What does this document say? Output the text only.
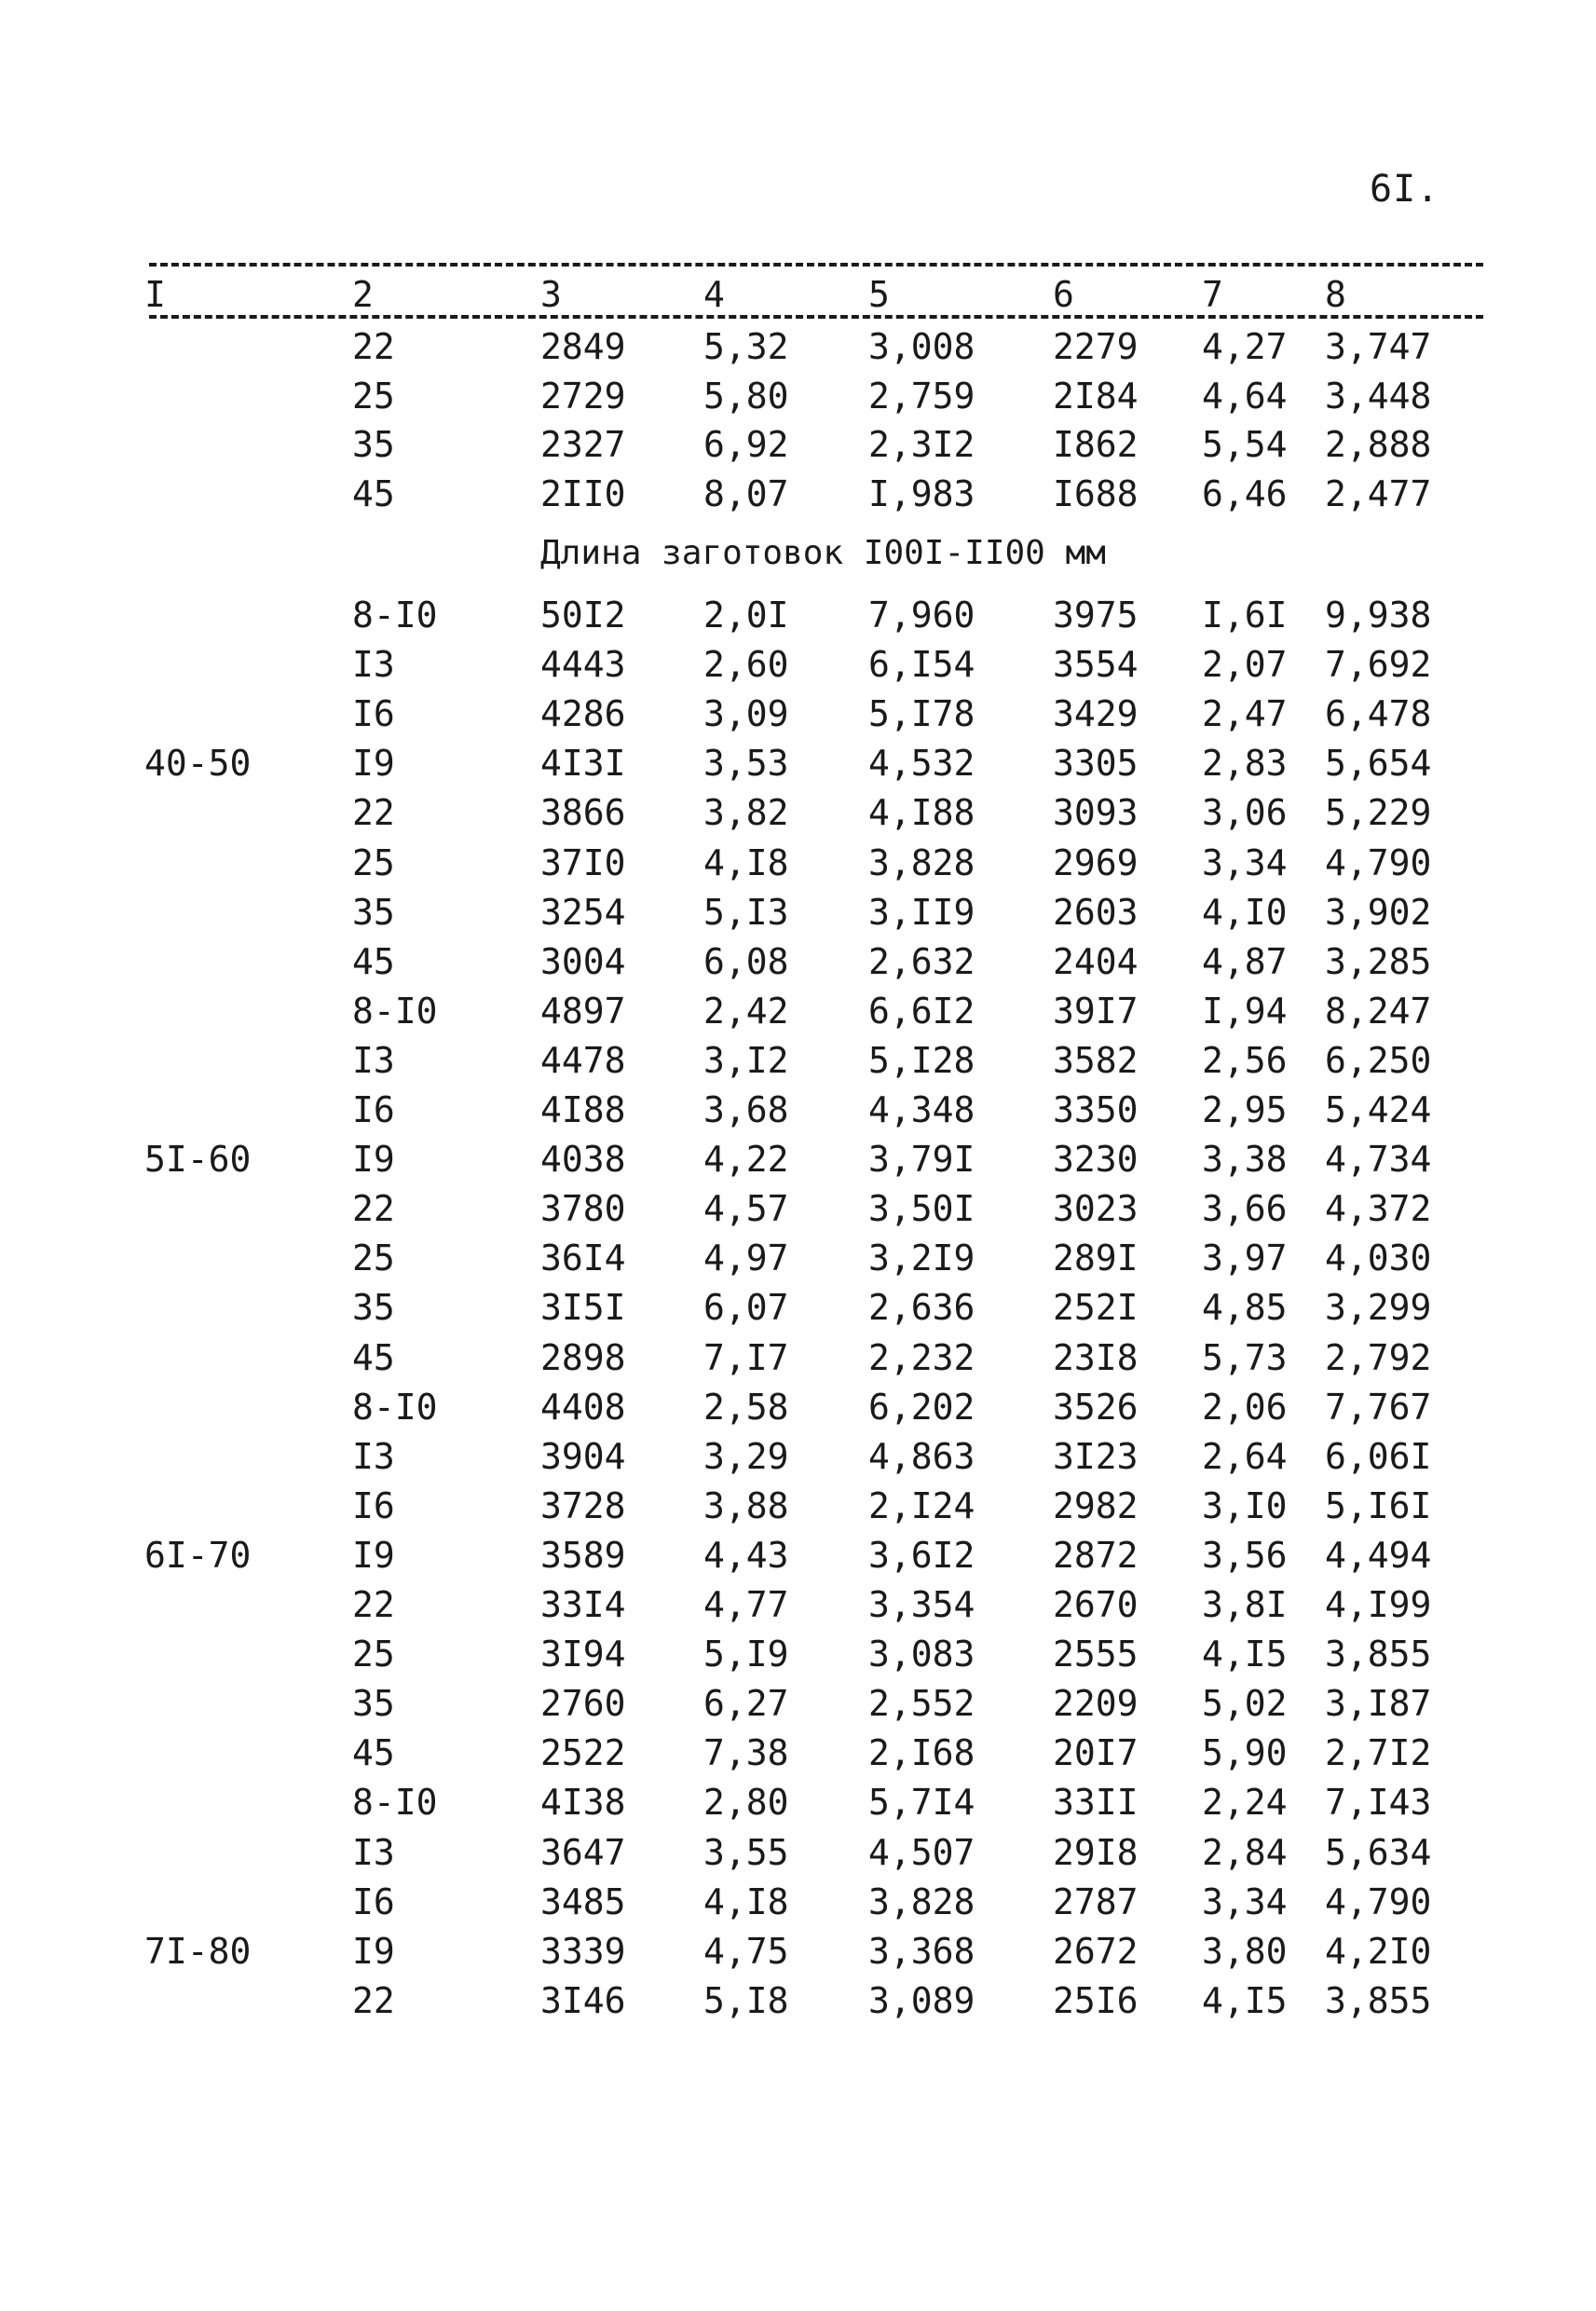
6I.
I	2	3	4	5	6	7	8
22	2849 5,32 3,008 2279 4,27 3,747
25	2729 5,80 2,759 2I84 4,64 3,448
35	2327 6,92 2,3I2 I862 5,54 2,888
45	2II0 8,07 I,983 I688 6,46 2,477
Длина заготовок I00I-II00 мм
8-I0	50I2 2,0I 7,960 3975 I,6I 9,938
I3	4443 2,60 6,I54 3554 2,07 7,692
I6	4286 3,09 5,I78 3429 2,47 6,478
40-50	I9	4I3I 3,53 4,532 3305 2,83 5,654
22	3866 3,82 4,I88 3093 3,06 5,229
25	37I0 4,I8 3,828 2969 3,34 4,790
35	3254 5,I3 3,II9 2603 4,I0 3,902
45	3004 6,08 2,632 2404 4,87 3,285
8-I0	4897 2,42 6,6I2 39I7 I,94 8,247
I3	4478 3,I2 5,I28 3582 2,56 6,250
I6	4I88 3,68 4,348 3350 2,95 5,424
5I-60	I9	4038 4,22 3,79I 3230 3,38 4,734
22	3780 4,57 3,50I 3023 3,66 4,372
25	36I4 4,97 3,2I9 289I 3,97 4,030
35	3I5I 6,07 2,636 252I 4,85 3,299
45	2898 7,I7 2,232 23I8 5,73 2,792
8-I0	4408 2,58 6,202 3526 2,06 7,767
I3	3904 3,29 4,863 3I23 2,64 6,06I
I6	3728 3,88 2,I24 2982 3,I0 5,I6I
6I-70	I9	3589 4,43 3,6I2 2872 3,56 4,494
22	33I4 4,77 3,354 2670 3,8I 4,I99
25	3I94 5,I9 3,083 2555 4,I5 3,855
35	2760 6,27 2,552 2209 5,02 3,I87
45	2522 7,38 2,I68 20I7 5,90 2,7I2
8-I0	4I38 2,80 5,7I4 33II 2,24 7,I43
I3	3647 3,55 4,507 29I8 2,84 5,634
I6	3485 4,I8 3,828 2787 3,34 4,790
7I-80	I9	3339 4,75 3,368 2672 3,80 4,2I0
22	3I46 5,I8 3,089 25I6 4,I5 3,855
